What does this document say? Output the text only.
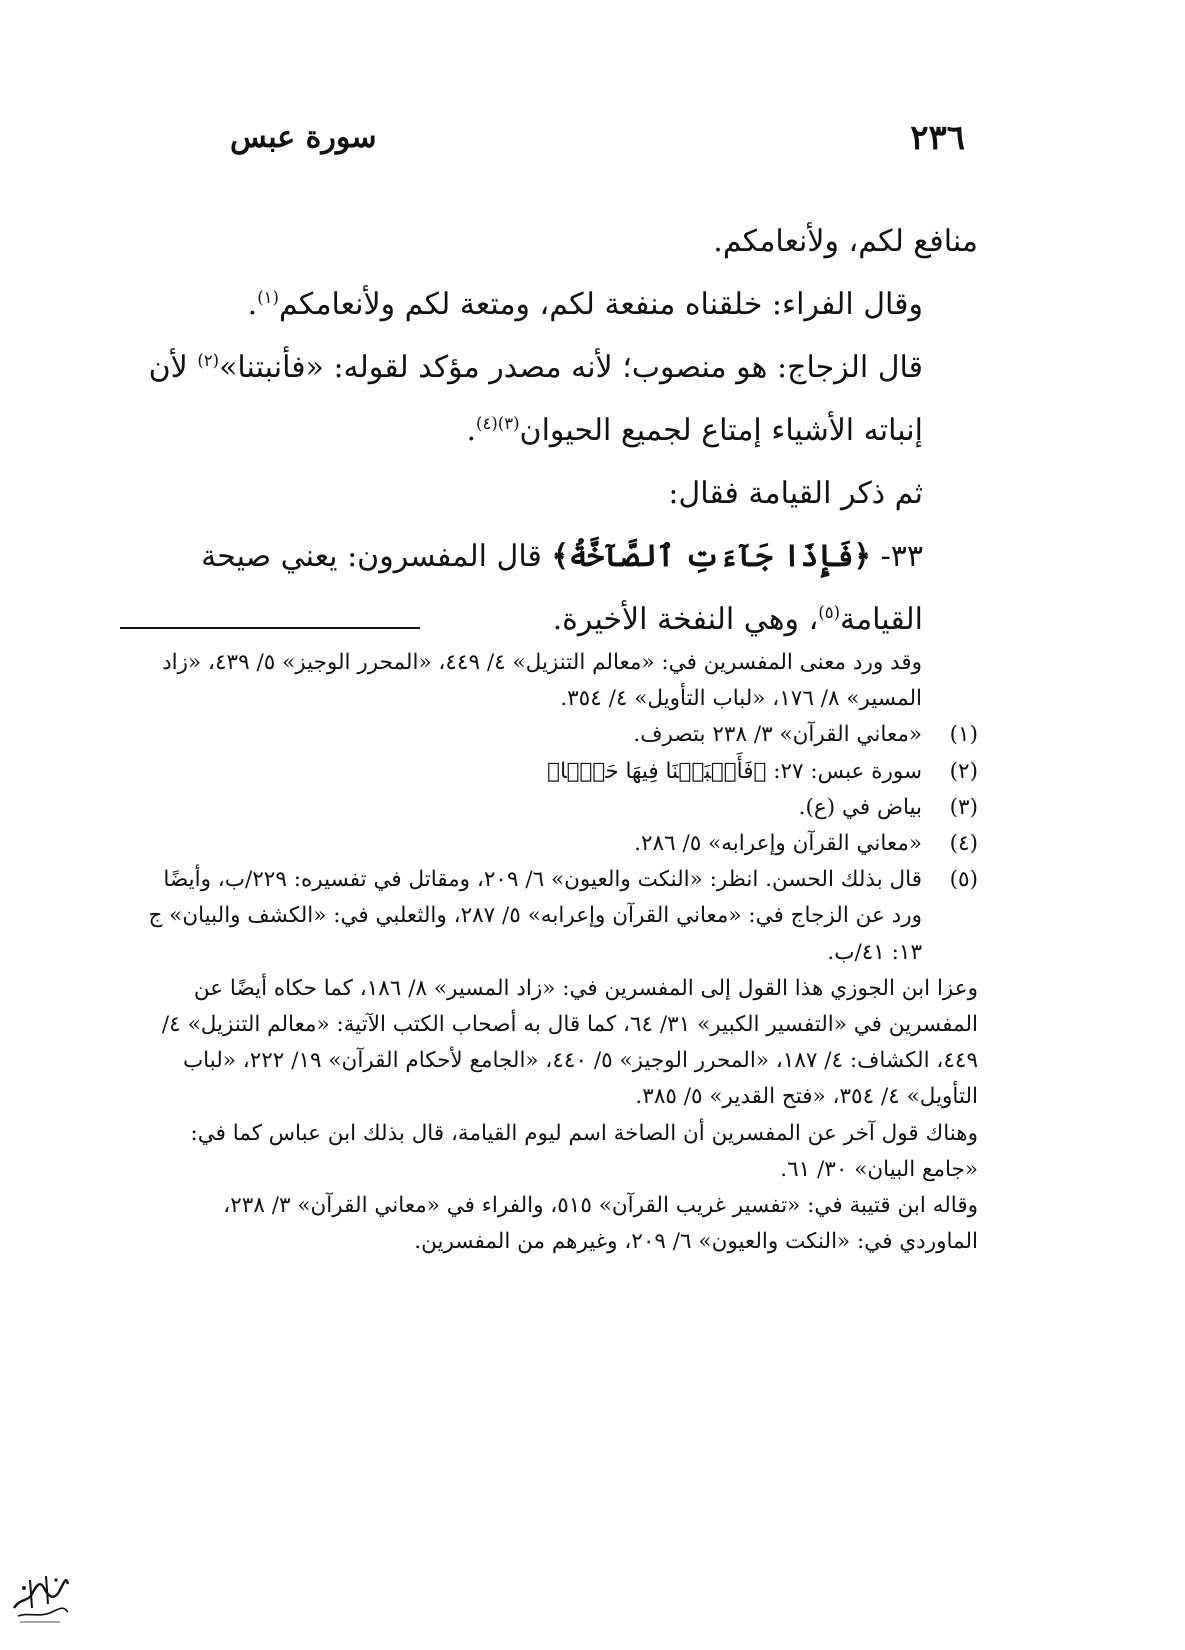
٢٣٦
سورة عبس

منافع لكم، ولأنعامكم.

وقال الفراء: خلقناه منفعة لكم، ومتعة لكم ولأنعامكم$^{(١)}$.

قال الزجاج: هو منصوب؛ لأنه مصدر مؤكد لقوله: «فأنبتنا»$^{(٢)}$ لأن إنباته الأشياء إمتاع لجميع الحيوان$^{(٣)(٤)}$.

ثم ذكر القيامة فقال:

٣٣- ﴿فَإِذَا جَآءَتِ ٱلصَّآخَّةُ﴾ قال المفسرون: يعني صيحة القيامة$^{(٥)}$، وهي النفخة الأخيرة.

وقد ورد معنى المفسرين في: «معالم التنزيل» ٤/ ٤٤٩، «المحرر الوجيز» ٥/ ٤٣٩، «زاد المسير» ٨/ ١٧٦، «لباب التأويل» ٤/ ٣٥٤.

(١)
«معاني القرآن» ٣/ ٢٣٨ بتصرف.
(٢)
سورة عبس: ٢٧: ﴿فَأَنۢبَتۡنَا فِيهَا حَبࣰّا﴾
(٣)
بياض في (ع).
(٤)
«معاني القرآن وإعرابه» ٥/ ٢٨٦.
(٥)
قال بذلك الحسن. انظر: «النكت والعيون» ٦/ ٢٠٩، ومقاتل في تفسيره: ٢٢٩/ب، وأيضًا ورد عن الزجاج في: «معاني القرآن وإعرابه» ٥/ ٢٨٧، والثعلبي في: «الكشف والبيان» ج ١٣: ٤١/ب.

وعزا ابن الجوزي هذا القول إلى المفسرين في: «زاد المسير» ٨/ ١٨٦، كما حكاه أيضًا عن المفسرين في «التفسير الكبير» ٣١/ ٦٤، كما قال به أصحاب الكتب الآتية: «معالم التنزيل» ٤/ ٤٤٩، الكشاف: ٤/ ١٨٧، «المحرر الوجيز» ٥/ ٤٤٠، «الجامع لأحكام القرآن» ١٩/ ٢٢٢، «لباب التأويل» ٤/ ٣٥٤، «فتح القدير» ٥/ ٣٨٥.

وهناك قول آخر عن المفسرين أن الصاخة اسم ليوم القيامة، قال بذلك ابن عباس كما في: «جامع البيان» ٣٠/ ٦١.

وقاله ابن قتيبة في: «تفسير غريب القرآن» ٥١٥، والفراء في «معاني القرآن» ٣/ ٢٣٨، الماوردي في: «النكت والعيون» ٦/ ٢٠٩، وغيرهم من المفسرين.
